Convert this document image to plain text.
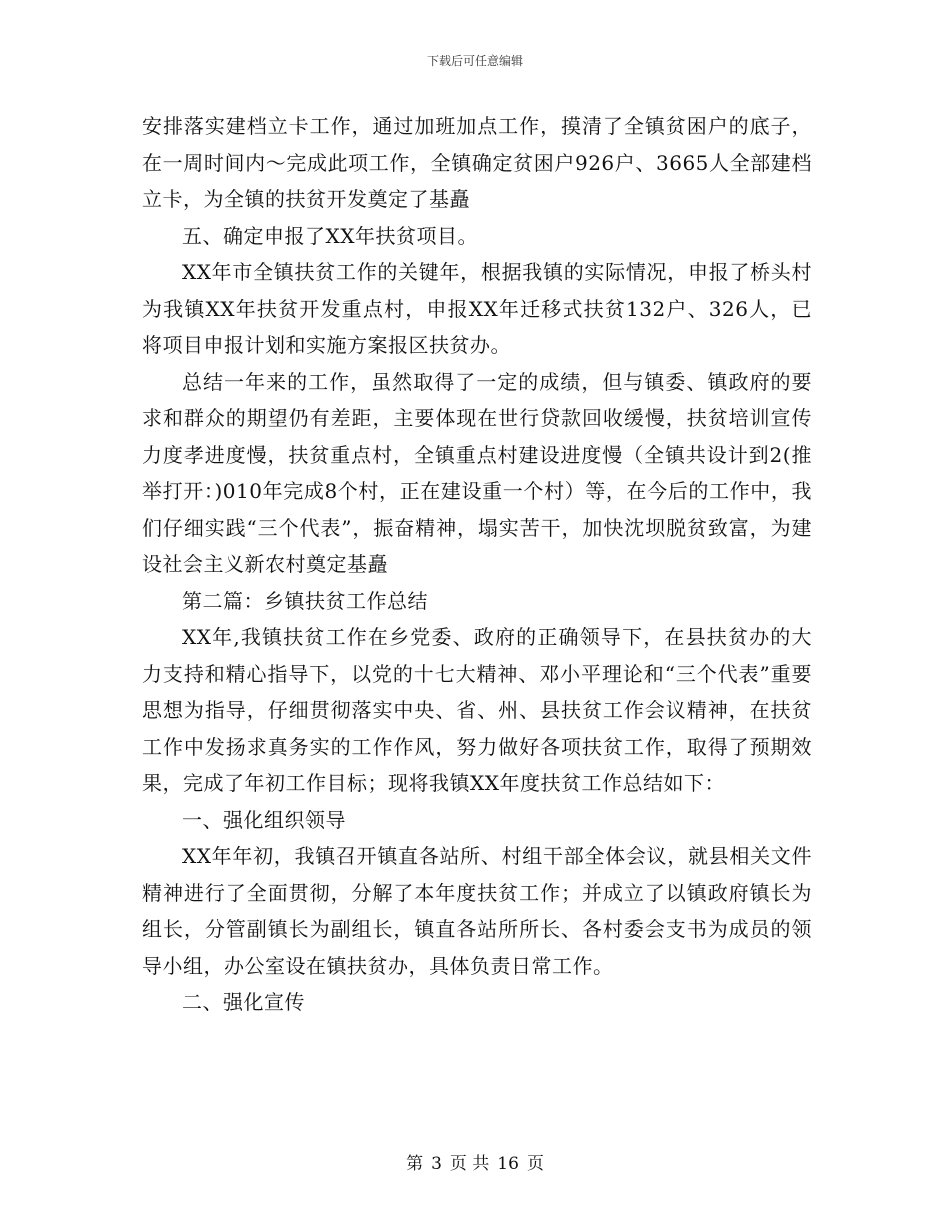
下载后可任意编辑

安排落实建档立卡工作，通过加班加点工作，摸清了全镇贫困户的底子，在一周时间内～完成此项工作，全镇确定贫困户926户、3665人全部建档立卡，为全镇的扶贫开发奠定了基矗

五、确定申报了XX年扶贫项目。

XX年市全镇扶贫工作的关键年，根据我镇的实际情况，申报了桥头村为我镇XX年扶贫开发重点村，申报XX年迁移式扶贫132户、326人，已将项目申报计划和实施方案报区扶贫办。

总结一年来的工作，虽然取得了一定的成绩，但与镇委、镇政府的要求和群众的期望仍有差距，主要体现在世行贷款回收缓慢，扶贫培训宣传力度孝进度慢，扶贫重点村，全镇重点村建设进度慢（全镇共设计到2(推举打开：)010年完成8个村，正在建设重一个村）等，在今后的工作中，我们仔细实践“三个代表”，振奋精神，塌实苦干，加快沈坝脱贫致富，为建设社会主义新农村奠定基矗

第二篇：乡镇扶贫工作总结

XX年,我镇扶贫工作在乡党委、政府的正确领导下，在县扶贫办的大力支持和精心指导下，以党的十七大精神、邓小平理论和“三个代表”重要思想为指导，仔细贯彻落实中央、省、州、县扶贫工作会议精神，在扶贫工作中发扬求真务实的工作作风，努力做好各项扶贫工作，取得了预期效果，完成了年初工作目标；现将我镇XX年度扶贫工作总结如下：

一、强化组织领导

XX年年初，我镇召开镇直各站所、村组干部全体会议，就县相关文件精神进行了全面贯彻，分解了本年度扶贫工作；并成立了以镇政府镇长为组长，分管副镇长为副组长，镇直各站所所长、各村委会支书为成员的领导小组，办公室设在镇扶贫办，具体负责日常工作。

二、强化宣传

第 3 页 共 16 页
